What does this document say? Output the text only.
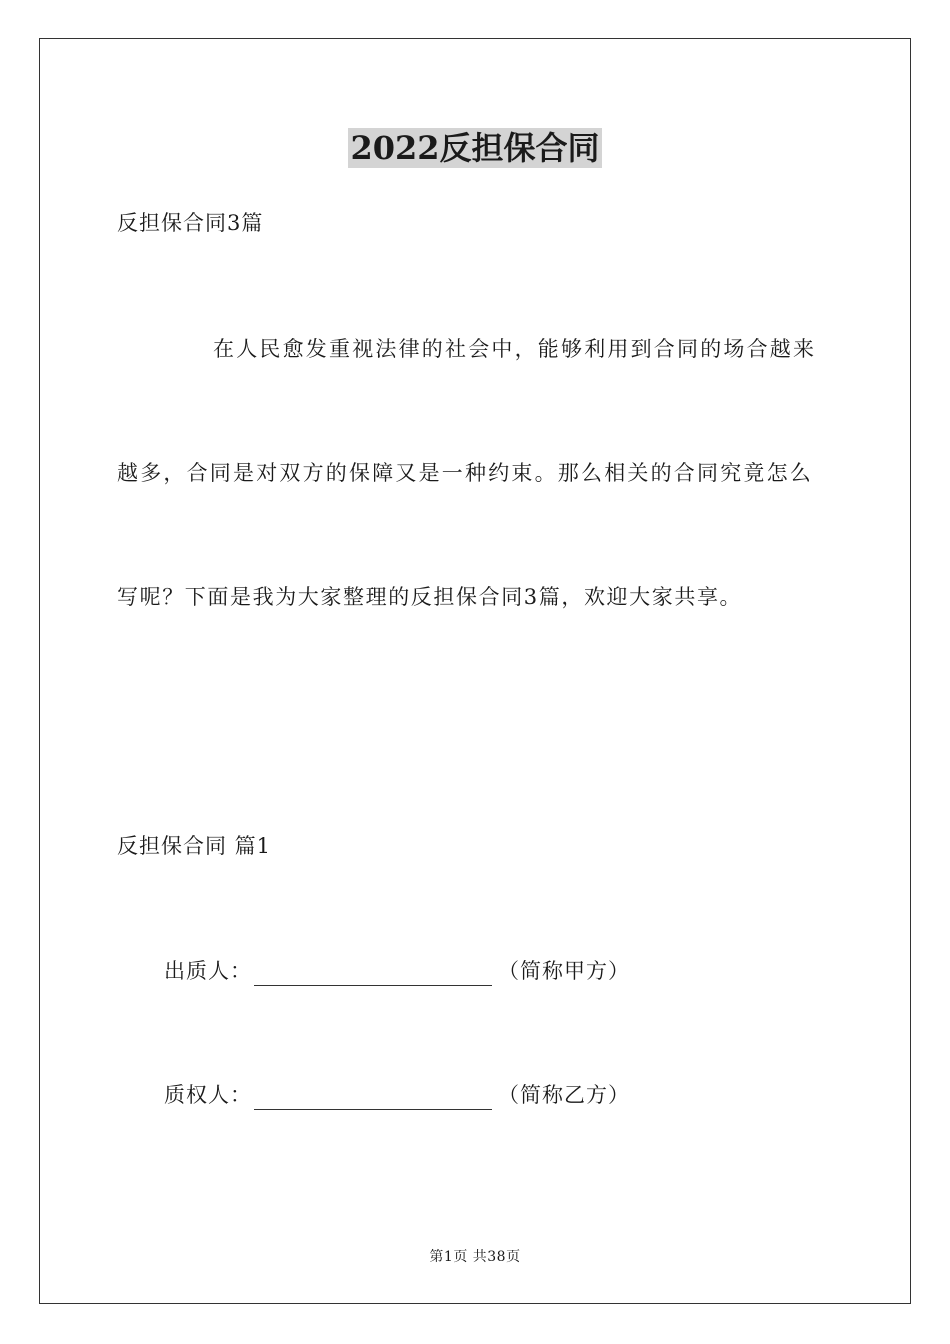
2022反担保合同
反担保合同3篇
在人民愈发重视法律的社会中，能够利用到合同的场合越来
越多，合同是对双方的保障又是一种约束。那么相关的合同究竟怎么
写呢？下面是我为大家整理的反担保合同3篇，欢迎大家共享。
反担保合同 篇1
出质人：	（简称甲方）
质权人：	（简称乙方）
第1页 共38页
